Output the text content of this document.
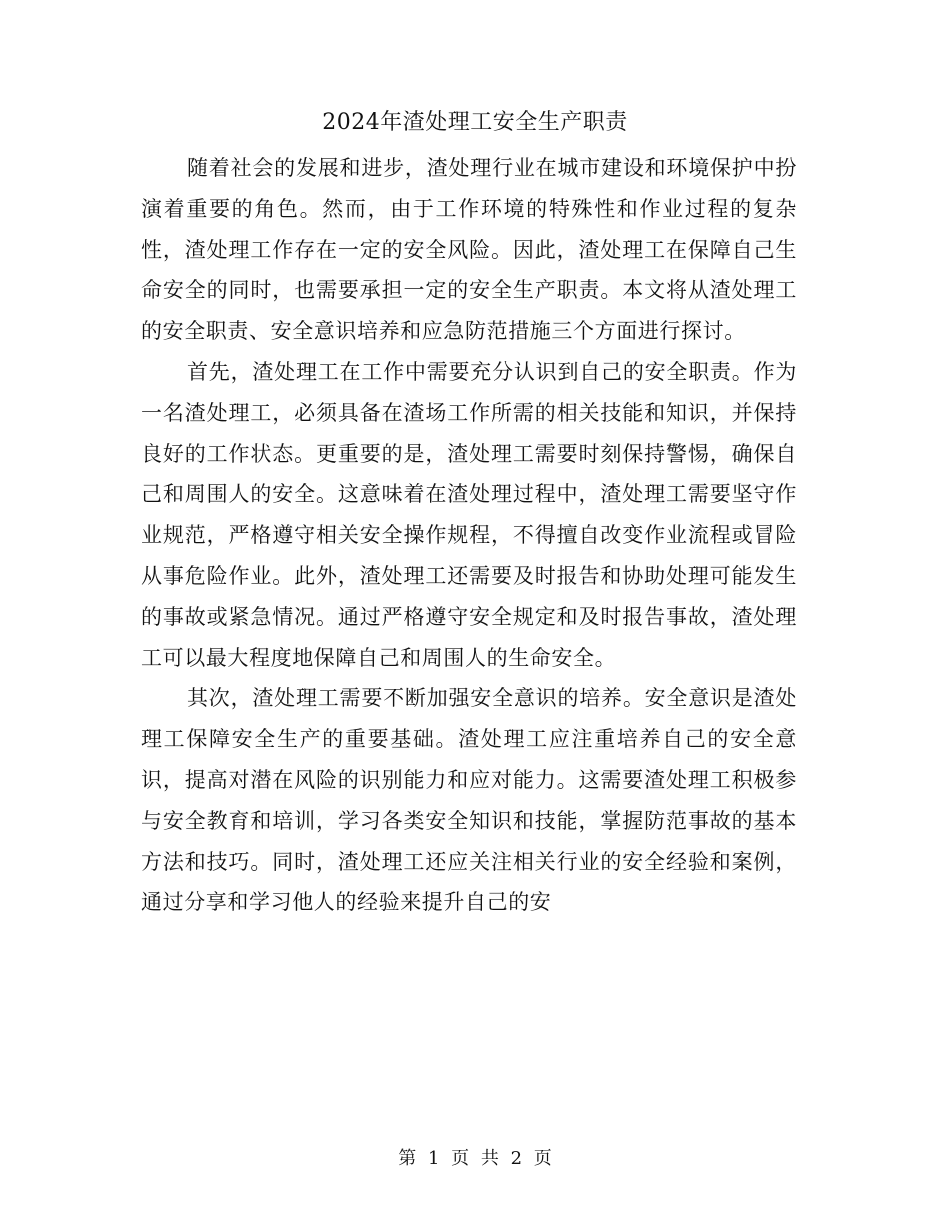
2024年渣处理工安全生产职责

随着社会的发展和进步，渣处理行业在城市建设和环境保护中扮演着重要的角色。然而，由于工作环境的特殊性和作业过程的复杂性，渣处理工作存在一定的安全风险。因此，渣处理工在保障自己生命安全的同时，也需要承担一定的安全生产职责。本文将从渣处理工的安全职责、安全意识培养和应急防范措施三个方面进行探讨。

首先，渣处理工在工作中需要充分认识到自己的安全职责。作为一名渣处理工，必须具备在渣场工作所需的相关技能和知识，并保持良好的工作状态。更重要的是，渣处理工需要时刻保持警惕，确保自己和周围人的安全。这意味着在渣处理过程中，渣处理工需要坚守作业规范，严格遵守相关安全操作规程，不得擅自改变作业流程或冒险从事危险作业。此外，渣处理工还需要及时报告和协助处理可能发生的事故或紧急情况。通过严格遵守安全规定和及时报告事故，渣处理工可以最大程度地保障自己和周围人的生命安全。

其次，渣处理工需要不断加强安全意识的培养。安全意识是渣处理工保障安全生产的重要基础。渣处理工应注重培养自己的安全意识，提高对潜在风险的识别能力和应对能力。这需要渣处理工积极参与安全教育和培训，学习各类安全知识和技能，掌握防范事故的基本方法和技巧。同时，渣处理工还应关注相关行业的安全经验和案例，通过分享和学习他人的经验来提升自己的安

第 1 页 共 2 页
